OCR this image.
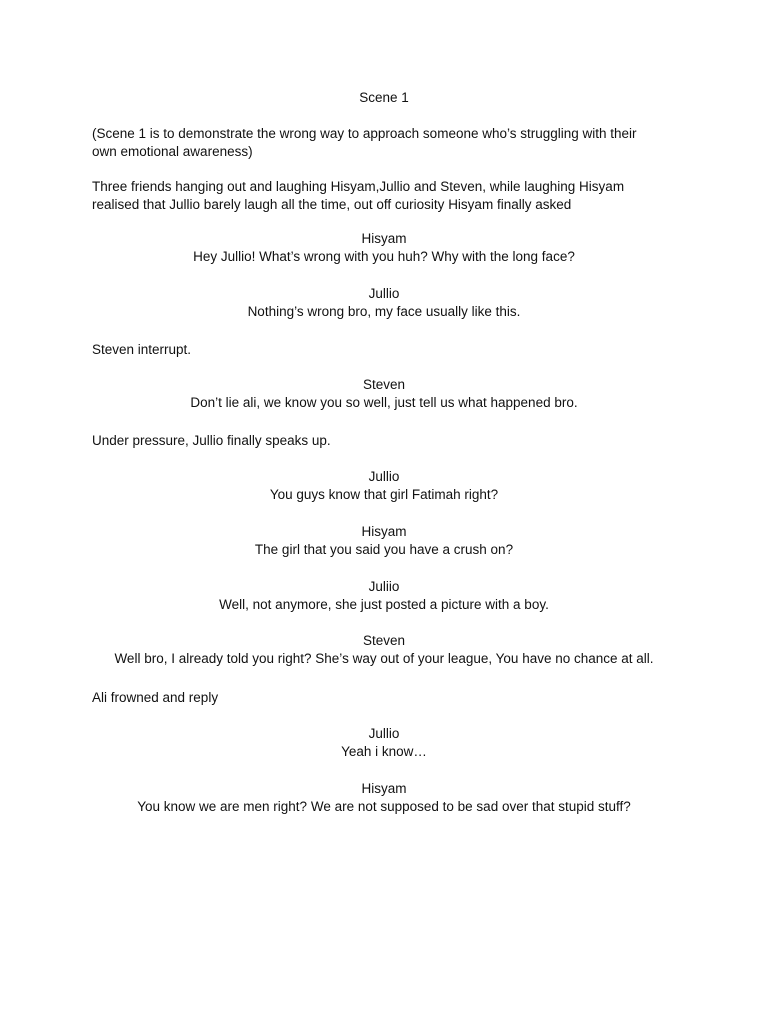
Scene 1
(Scene 1 is to demonstrate the wrong way to approach someone who’s struggling with their
own emotional awareness)
Three friends hanging out and laughing Hisyam,Jullio and Steven, while laughing Hisyam
realised that Jullio barely laugh all the time, out off curiosity Hisyam finally asked
Hisyam
Hey Jullio! What’s wrong with you huh? Why with the long face?
Jullio
Nothing’s wrong bro, my face usually like this.
Steven interrupt.
Steven
Don’t lie ali, we know you so well, just tell us what happened bro.
Under pressure, Jullio finally speaks up.
Jullio
You guys know that girl Fatimah right?
Hisyam
The girl that you said you have a crush on?
Juliio
Well, not anymore, she just posted a picture with a boy.
Steven
Well bro, I already told you right? She’s way out of your league, You have no chance at all.
Ali frowned and reply
Jullio
Yeah i know…
Hisyam
You know we are men right? We are not supposed to be sad over that stupid stuff?
